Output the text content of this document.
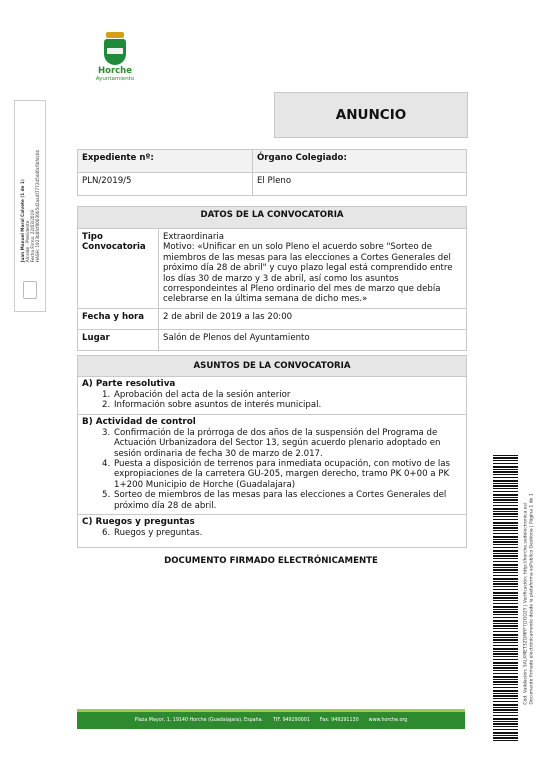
Horche
Ayuntamiento
Juan Manuel Moral Calvete (1 de 1) Alcalde - Presidente Fecha Firma: 22/03/2019 HASH: 1923b0fcf00030b5d2aa4f7772d5d40c6bfdcbb
ANUNCIO
Expediente nº:	Órgano Colegiado:
PLN/2019/5	El Pleno
DATOS DE LA CONVOCATORIA	
Tipo Convocatoria	Extraordinaria
Motivo: «Unificar en un solo Pleno el acuerdo sobre "Sorteo de miembros de las mesas para las elecciones a Cortes Generales del próximo día 28 de abril" y cuyo plazo legal está comprendido entre los días 30 de marzo y 3 de abril, así como los asuntos correspondeintes al Pleno ordinario del mes de marzo que debía celebrarse en la última semana de dicho mes.»

Fecha y hora	2 de abril de 2019 a las 20:00
Lugar	Salón de Plenos del Ayuntamiento
ASUNTOS DE LA CONVOCATORIA
A) Parte resolutiva
1. Aprobación del acta de la sesión anterior
2. Información sobre asuntos de interés municipal.
B) Actividad de control
3. Confirmación de la prórroga de dos años de la suspensión del Programa de Actuación Urbanizadora del Sector 13, según acuerdo plenario adoptado en sesión ordinaria de fecha 30 de marzo de 2.017.
4. Puesta a disposición de terrenos para inmediata ocupación, con motivo de las expropiaciones de la carretera GU-205, margen derecho, tramo PK 0+00 a PK 1+200 Municipio de Horche (Guadalajara)
5. Sorteo de miembros de las mesas para las elecciones a Cortes Generales del próximo día 28 de abril.
C) Ruegos y preguntas
6. Ruegos y preguntas.
DOCUMENTO FIRMADO ELECTRÓNICAMENTE
Plaza Mayor, 1, 19140 Horche (Guadalajara), España. TIF. 949290001 Fax: 949291130 www.horche.org
Cód. Validación: 5ALKMET3ZQMRF7J2GQ2Y | Verificación: http://horche.sedelectronica.es/ Documento firmado electrónicamente desde la plataforma esPublico Gestiona | Página 1 de 1
